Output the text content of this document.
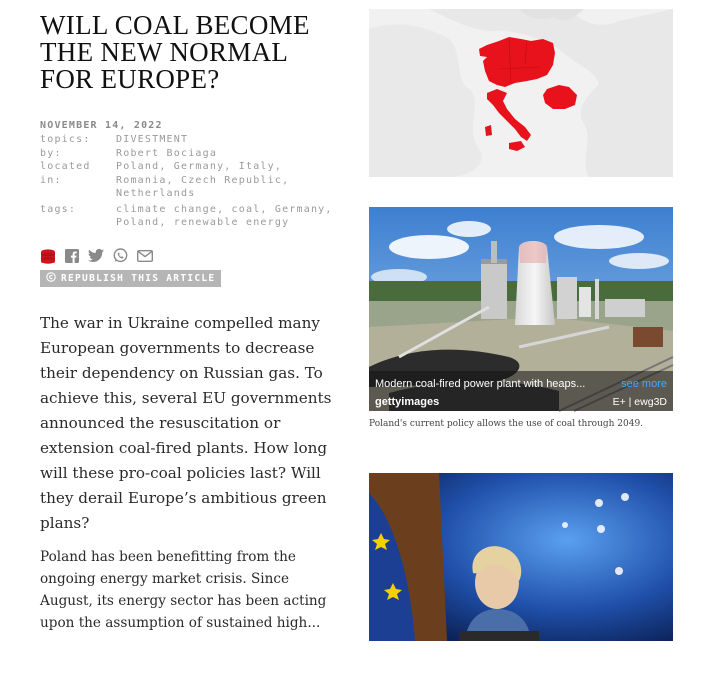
WILL COAL BECOME THE NEW NORMAL FOR EUROPE?
NOVEMBER 14, 2022
topics:	DIVESTMENT
by:	Robert Bociaga
located in:
Poland, Germany, Italy, Romania, Czech Republic, Netherlands
tags:	climate change, coal, Germany, Poland, renewable energy
REPUBLISH THIS ARTICLE

The war in Ukraine compelled many European governments to decrease their dependency on Russian gas. To achieve this, several EU governments announced the resuscitation or extension coal-fired plants. How long will these pro-coal policies last? Will they derail Europe’s ambitious green plans?

Poland has been benefitting from the ongoing energy market crisis. Since August, its energy sector has been acting upon the assumption of sustained high...

Modern coal-fired power plant with heaps...	see more
gettyimages	E+ | ewg3D
Poland's current policy allows the use of coal through 2049.
